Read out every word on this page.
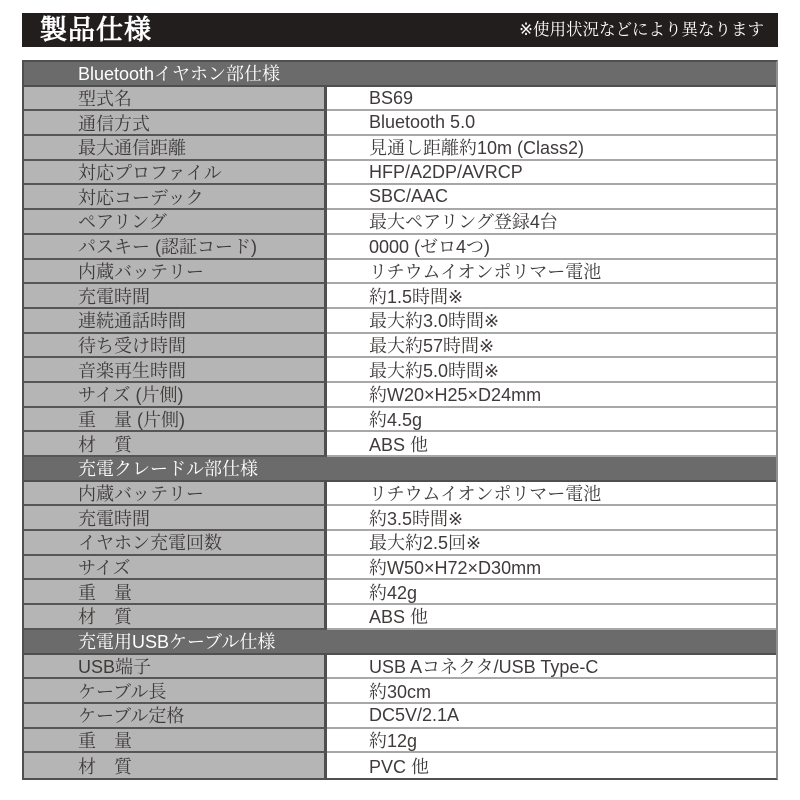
製品仕様	※使用状況などにより異なります
Bluetoothイヤホン部仕様
型式名	BS69
通信方式	Bluetooth 5.0
最大通信距離	見通し距離約10m (Class2)
対応プロファイル	HFP/A2DP/AVRCP
対応コーデック	SBC/AAC
ペアリング	最大ペアリング登録4台
パスキー (認証コード)	0000 (ゼロ4つ)
内蔵バッテリー	リチウムイオンポリマー電池
充電時間	約1.5時間※
連続通話時間	最大約3.0時間※
待ち受け時間	最大約57時間※
音楽再生時間	最大約5.0時間※
サイズ (片側)	約W20×H25×D24mm
重　量 (片側)	約4.5g
材　質	ABS 他
充電クレードル部仕様
内蔵バッテリー	リチウムイオンポリマー電池
充電時間	約3.5時間※
イヤホン充電回数	最大約2.5回※
サイズ	約W50×H72×D30mm
重　量	約42g
材　質	ABS 他
充電用USBケーブル仕様
USB端子	USB Aコネクタ/USB Type-C
ケーブル長	約30cm
ケーブル定格	DC5V/2.1A
重　量	約12g
材　質	PVC 他
